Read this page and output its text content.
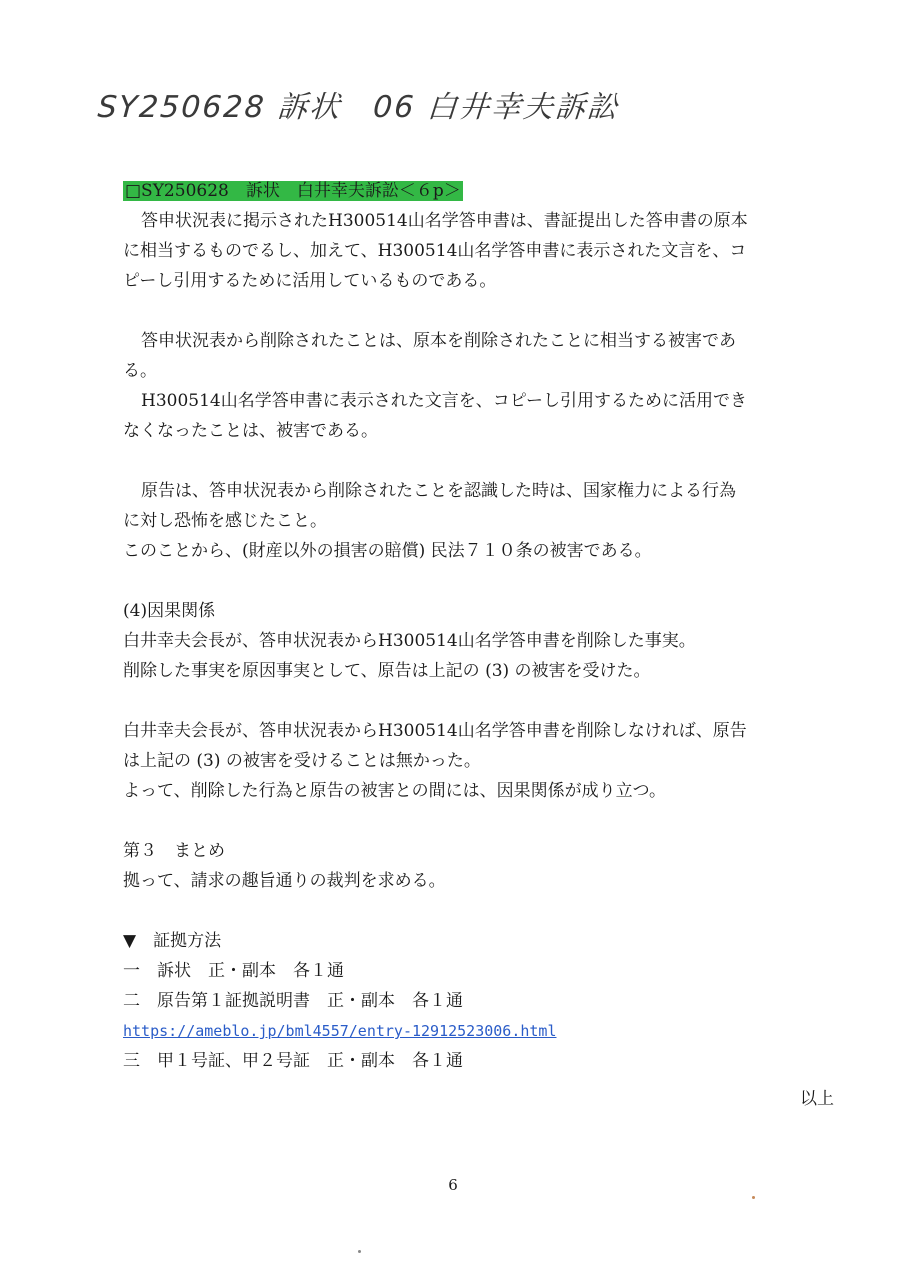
SY250628 訴状　06 白井幸夫訴訟
□SY250628　訴状　白井幸夫訴訟＜６p＞
答申状況表に掲示されたH300514山名学答申書は、書証提出した答申書の原本
に相当するものでるし、加えて、H300514山名学答申書に表示された文言を、コ
ピーし引用するために活用しているものである。
答申状況表から削除されたことは、原本を削除されたことに相当する被害であ
る。
H300514山名学答申書に表示された文言を、コピーし引用するために活用でき
なくなったことは、被害である。
原告は、答申状況表から削除されたことを認識した時は、国家権力による行為
に対し恐怖を感じたこと。
このことから、(財産以外の損害の賠償) 民法７１０条の被害である。
(4)因果関係
白井幸夫会長が、答申状況表からH300514山名学答申書を削除した事実。
削除した事実を原因事実として、原告は上記の (3) の被害を受けた。
白井幸夫会長が、答申状況表からH300514山名学答申書を削除しなければ、原告
は上記の (3) の被害を受けることは無かった。
よって、削除した行為と原告の被害との間には、因果関係が成り立つ。
第３　まとめ
拠って、請求の趣旨通りの裁判を求める。
▼　証拠方法
一　訴状　正・副本　各１通
二　原告第１証拠説明書　正・副本　各１通
https://ameblo.jp/bml4557/entry-12912523006.html
三　甲１号証、甲２号証　正・副本　各１通
以上
6
